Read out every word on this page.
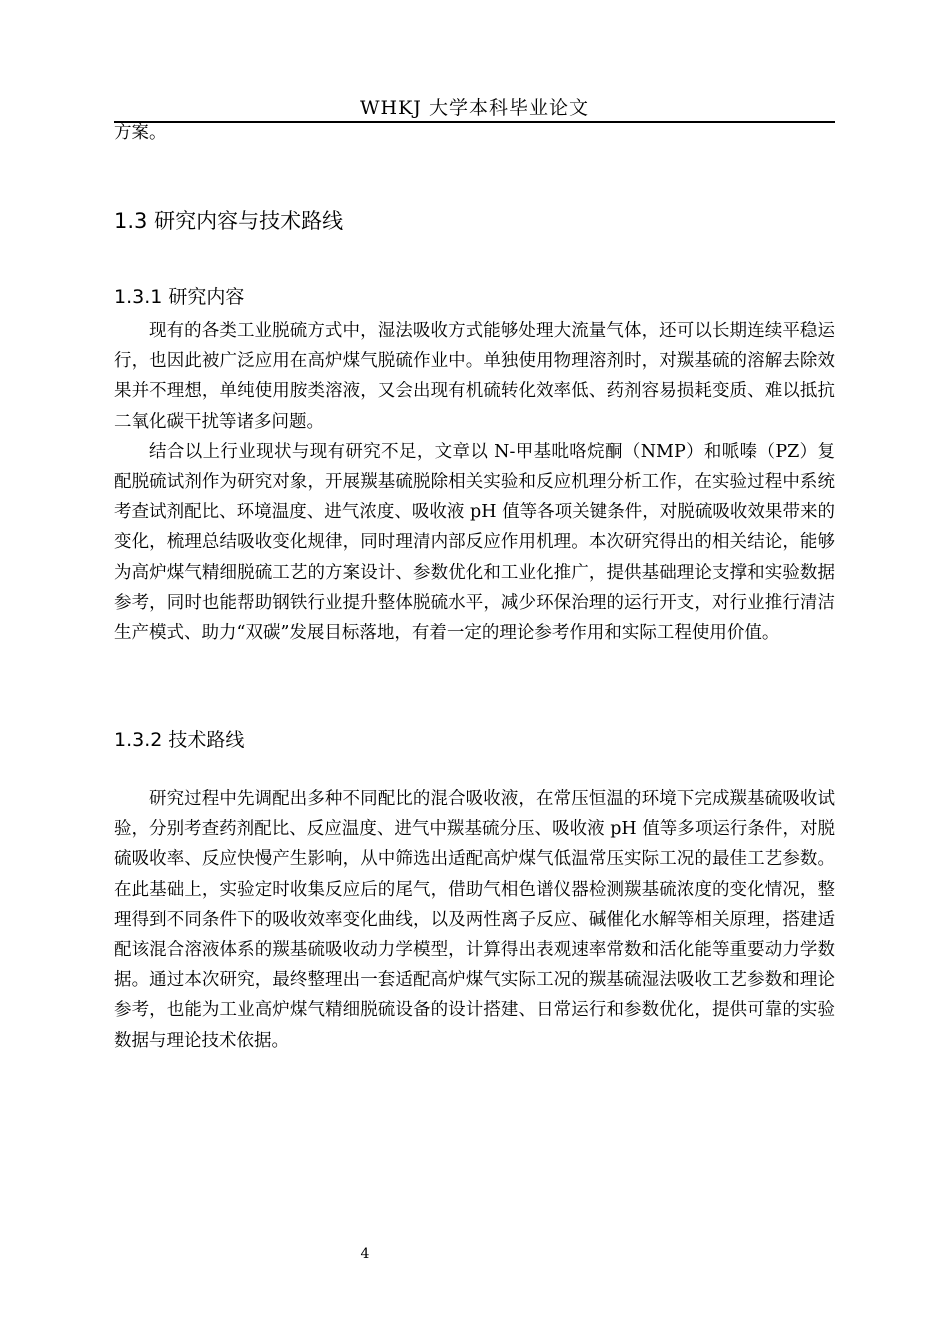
WHKJ 大学本科毕业论文

方案。

1.3 研究内容与技术路线
1.3.1 研究内容

现有的各类工业脱硫方式中，湿法吸收方式能够处理大流量气体，还可以长期连续平稳运行，也因此被广泛应用在高炉煤气脱硫作业中。单独使用物理溶剂时，对羰基硫的溶解去除效果并不理想，单纯使用胺类溶液，又会出现有机硫转化效率低、药剂容易损耗变质、难以抵抗二氧化碳干扰等诸多问题。

结合以上行业现状与现有研究不足，文章以 N-甲基吡咯烷酮（NMP）和哌嗪（PZ）复配脱硫试剂作为研究对象，开展羰基硫脱除相关实验和反应机理分析工作，在实验过程中系统考查试剂配比、环境温度、进气浓度、吸收液 pH 值等各项关键条件，对脱硫吸收效果带来的变化，梳理总结吸收变化规律，同时理清内部反应作用机理。本次研究得出的相关结论，能够为高炉煤气精细脱硫工艺的方案设计、参数优化和工业化推广，提供基础理论支撑和实验数据参考，同时也能帮助钢铁行业提升整体脱硫水平，减少环保治理的运行开支，对行业推行清洁生产模式、助力“双碳”发展目标落地，有着一定的理论参考作用和实际工程使用价值。

1.3.2 技术路线

研究过程中先调配出多种不同配比的混合吸收液，在常压恒温的环境下完成羰基硫吸收试验，分别考查药剂配比、反应温度、进气中羰基硫分压、吸收液 pH 值等多项运行条件，对脱硫吸收率、反应快慢产生影响，从中筛选出适配高炉煤气低温常压实际工况的最佳工艺参数。在此基础上，实验定时收集反应后的尾气，借助气相色谱仪器检测羰基硫浓度的变化情况，整理得到不同条件下的吸收效率变化曲线，以及两性离子反应、碱催化水解等相关原理，搭建适配该混合溶液体系的羰基硫吸收动力学模型，计算得出表观速率常数和活化能等重要动力学数据。通过本次研究，最终整理出一套适配高炉煤气实际工况的羰基硫湿法吸收工艺参数和理论参考，也能为工业高炉煤气精细脱硫设备的设计搭建、日常运行和参数优化，提供可靠的实验数据与理论技术依据。

4
